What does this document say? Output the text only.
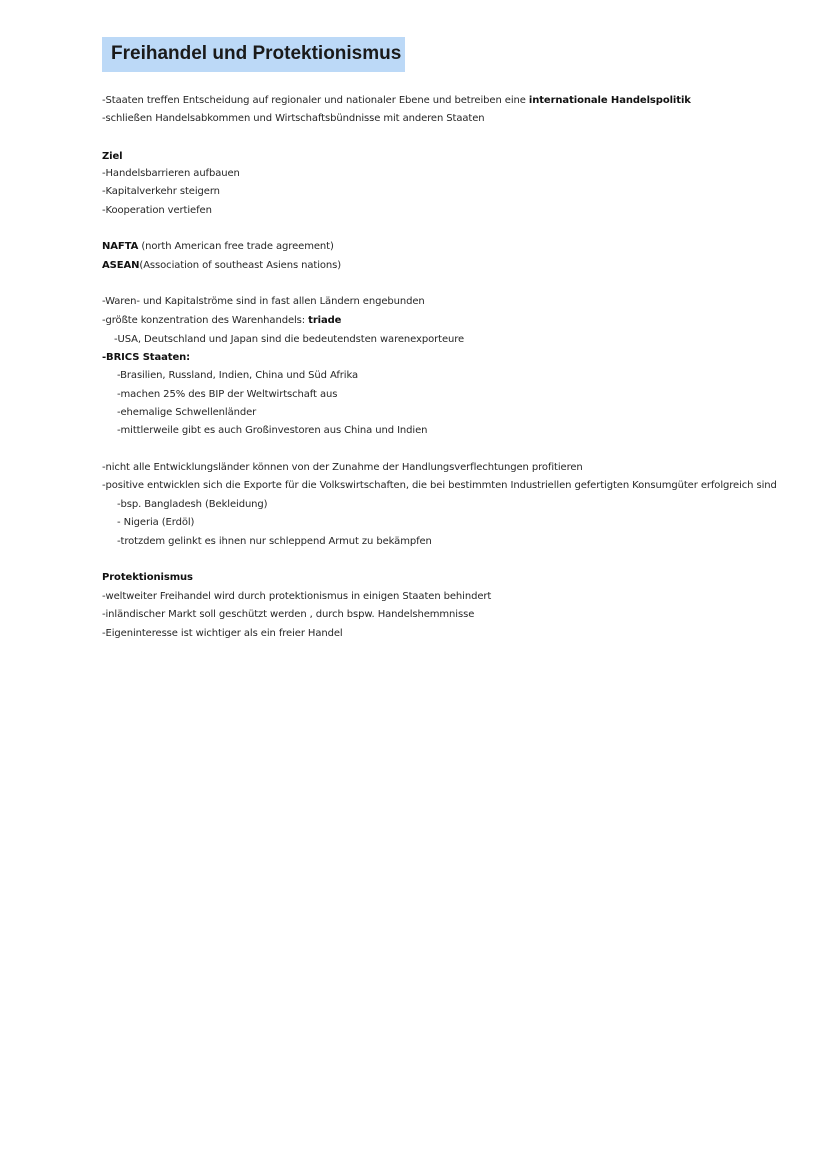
Freihandel und Protektionismus

-Staaten treffen Entscheidung auf regionaler und nationaler Ebene und betreiben eine internationale Handelspolitik

-schließen Handelsabkommen und Wirtschaftsbündnisse mit anderen Staaten

Ziel

-Handelsbarrieren aufbauen

-Kapitalverkehr steigern

-Kooperation vertiefen

NAFTA (north American free trade agreement)

ASEAN(Association of southeast Asiens nations)

-Waren- und Kapitalströme sind in fast allen Ländern engebunden

-größte konzentration des Warenhandels: triade

-USA, Deutschland und Japan sind die bedeutendsten warenexporteure

-BRICS Staaten:

-Brasilien, Russland, Indien, China und Süd Afrika

-machen 25% des BIP der Weltwirtschaft aus

-ehemalige Schwellenländer

-mittlerweile gibt es auch Großinvestoren aus China und Indien

-nicht alle Entwicklungsländer können von der Zunahme der Handlungsverflechtungen profitieren

-positive entwicklen sich die Exporte für die Volkswirtschaften, die bei bestimmten Industriellen gefertigten Konsumgüter erfolgreich sind

-bsp. Bangladesh (Bekleidung)

- Nigeria (Erdöl)

-trotzdem gelinkt es ihnen nur schleppend Armut zu bekämpfen

Protektionismus

-weltweiter Freihandel wird durch protektionismus in einigen Staaten behindert

-inländischer Markt soll geschützt werden , durch bspw. Handelshemmnisse

-Eigeninteresse ist wichtiger als ein freier Handel
